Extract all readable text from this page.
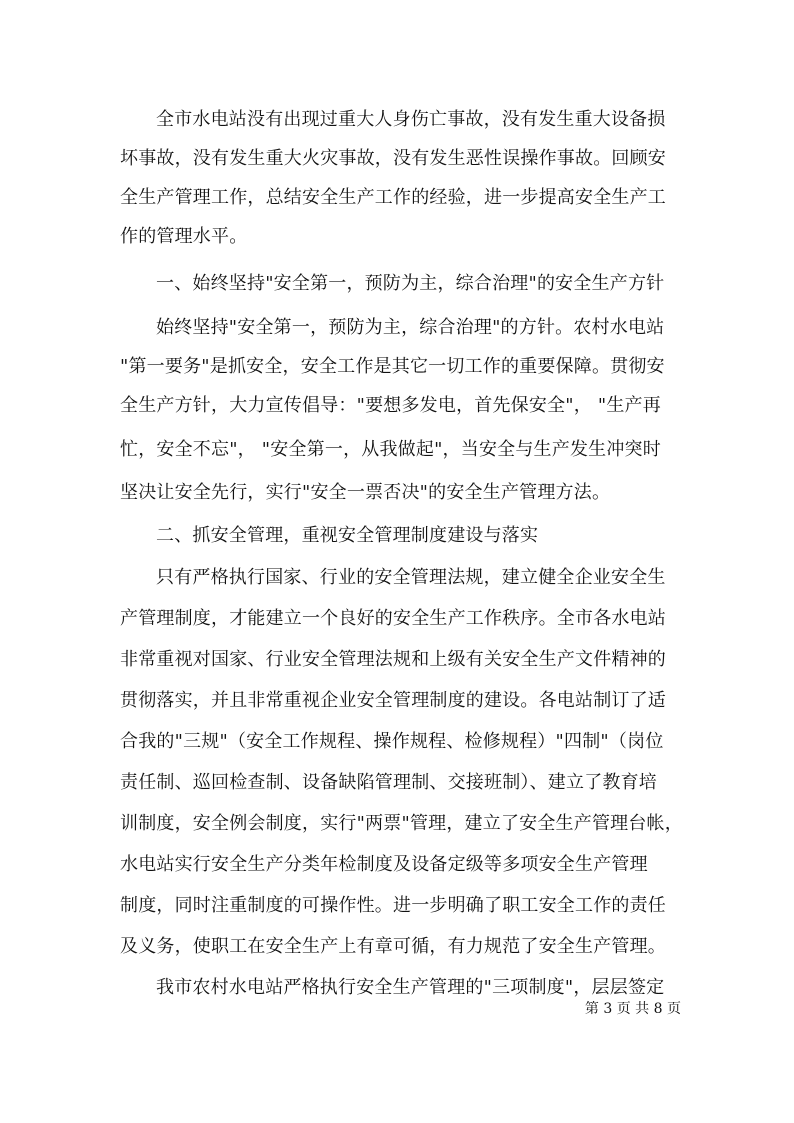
全市水电站没有出现过重大人身伤亡事故，没有发生重大设备损
坏事故，没有发生重大火灾事故，没有发生恶性误操作事故。回顾安
全生产管理工作，总结安全生产工作的经验，进一步提高安全生产工
作的管理水平。
一、始终坚持"安全第一，预防为主，综合治理"的安全生产方针
始终坚持"安全第一，预防为主，综合治理"的方针。农村水电站
"第一要务"是抓安全，安全工作是其它一切工作的重要保障。贯彻安
全生产方针，大力宣传倡导："要想多发电，首先保安全"， "生产再
忙，安全不忘"， "安全第一，从我做起"，当安全与生产发生冲突时
坚决让安全先行，实行"安全一票否决"的安全生产管理方法。
二、抓安全管理，重视安全管理制度建设与落实
只有严格执行国家、行业的安全管理法规，建立健全企业安全生
产管理制度，才能建立一个良好的安全生产工作秩序。全市各水电站
非常重视对国家、行业安全管理法规和上级有关安全生产文件精神的
贯彻落实，并且非常重视企业安全管理制度的建设。各电站制订了适
合我的"三规"（安全工作规程、操作规程、检修规程）"四制"（岗位
责任制、巡回检查制、设备缺陷管理制、交接班制）、建立了教育培
训制度，安全例会制度，实行"两票"管理，建立了安全生产管理台帐，
水电站实行安全生产分类年检制度及设备定级等多项安全生产管理
制度，同时注重制度的可操作性。进一步明确了职工安全工作的责任
及义务，使职工在安全生产上有章可循，有力规范了安全生产管理。
我市农村水电站严格执行安全生产管理的"三项制度"，层层签定
第 3 页 共 8 页
